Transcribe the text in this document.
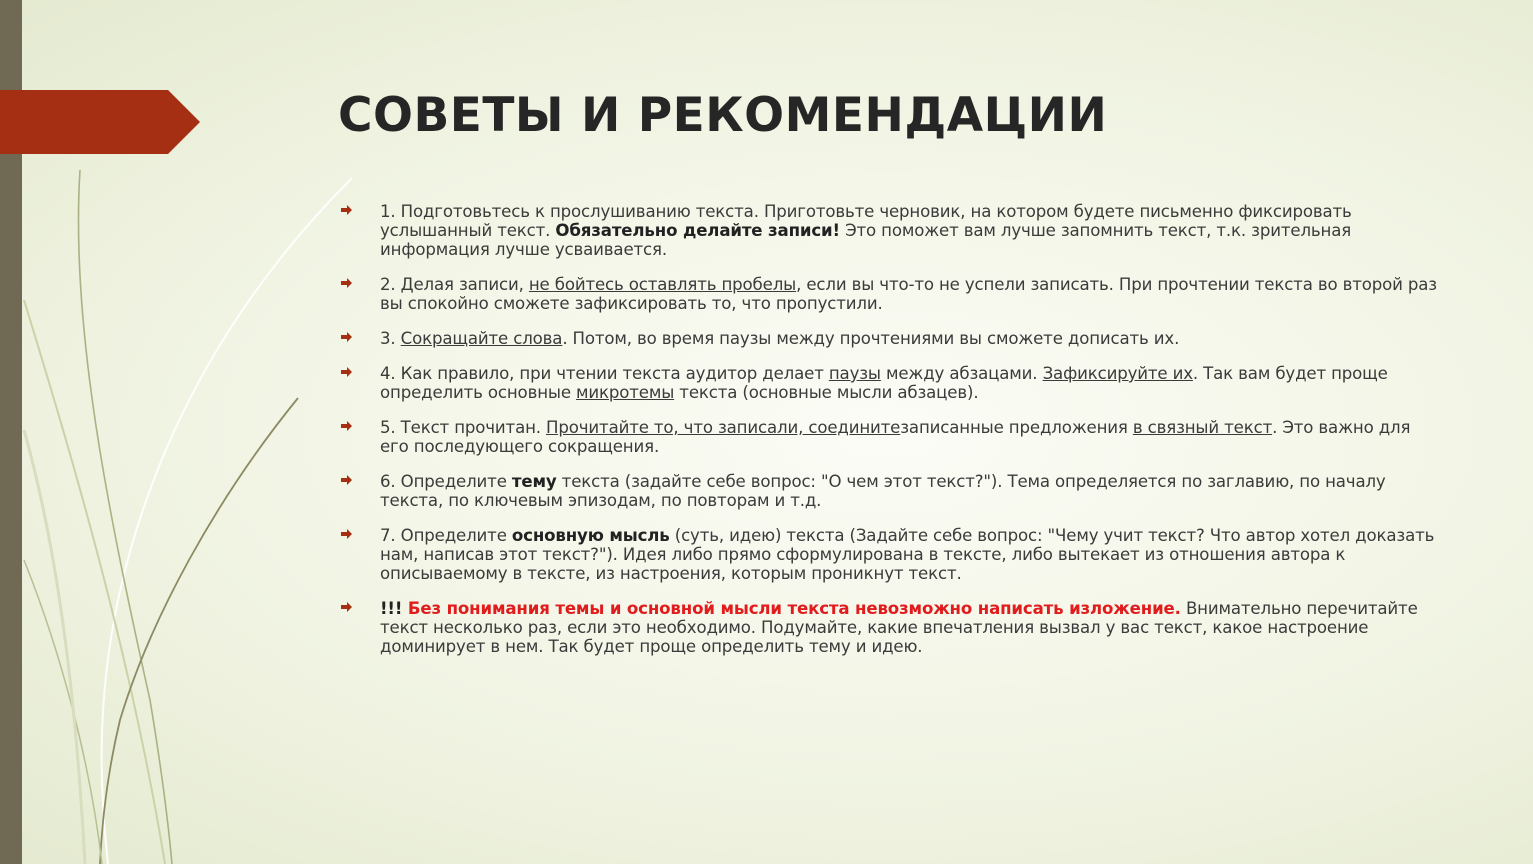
СОВЕТЫ И РЕКОМЕНДАЦИИ
1. Подготовьтесь к прослушиванию текста. Приготовьте черновик, на котором будете письменно фиксировать услышанный текст. Обязательно делайте записи! Это поможет вам лучше запомнить текст, т.к. зрительная информация лучше усваивается.
2. Делая записи, не бойтесь оставлять пробелы, если вы что-то не успели записать. При прочтении текста во второй раз вы спокойно сможете зафиксировать то, что пропустили.
3. Сокращайте слова. Потом, во время паузы между прочтениями вы сможете дописать их.
4. Как правило, при чтении текста аудитор делает паузы между абзацами. Зафиксируйте их. Так вам будет проще определить основные микротемы текста (основные мысли абзацев).
5. Текст прочитан. Прочитайте то, что записали, соединитезаписанные предложения в связный текст. Это важно для его последующего сокращения.
6. Определите тему текста (задайте себе вопрос: "О чем этот текст?"). Тема определяется по заглавию, по началу текста, по ключевым эпизодам, по повторам и т.д.
7. Определите основную мысль (суть, идею) текста (Задайте себе вопрос: "Чему учит текст? Что автор хотел доказать нам, написав этот текст?"). Идея либо прямо сформулирована в тексте, либо вытекает из отношения автора к описываемому в тексте, из настроения, которым проникнут текст.
!!! Без понимания темы и основной мысли текста невозможно написать изложение. Внимательно перечитайте текст несколько раз, если это необходимо. Подумайте, какие впечатления вызвал у вас текст, какое настроение доминирует в нем. Так будет проще определить тему и идею.
